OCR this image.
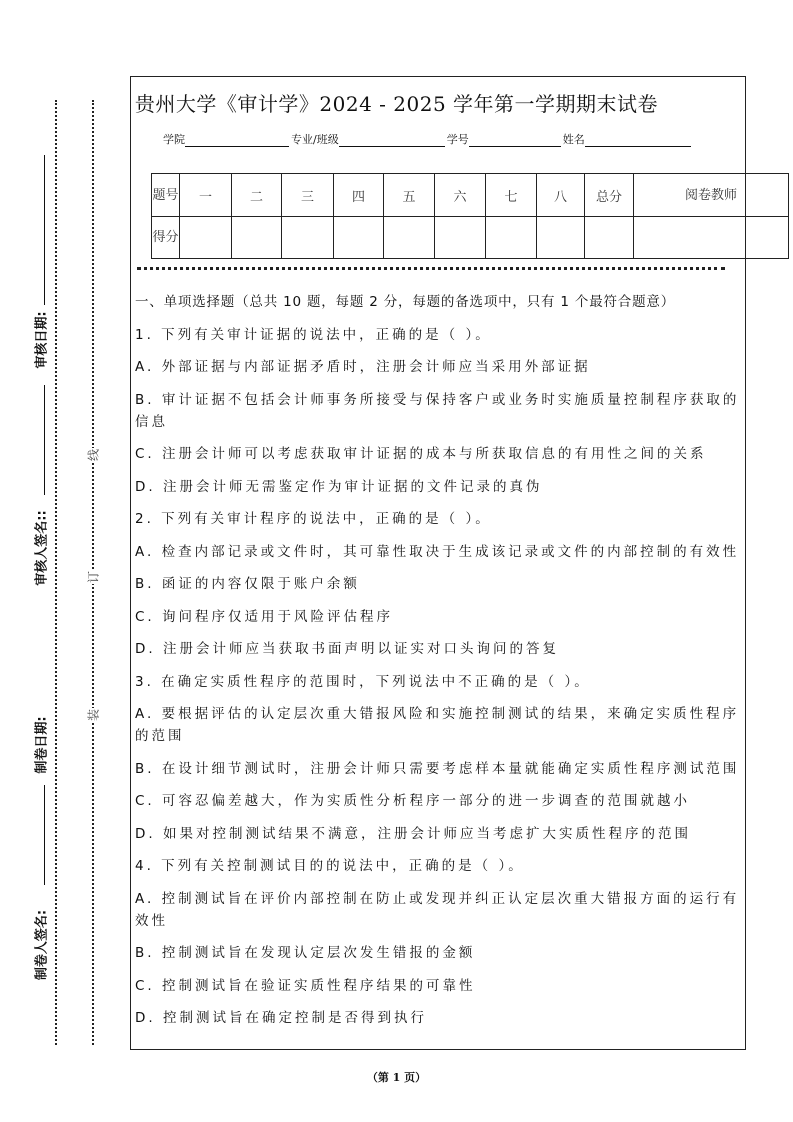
审核日期:
审核人签名::
制卷日期:
制卷人签名:
线
订
装
贵州大学《审计学》2024 - 2025 学年第一学期期末试卷
学院	专业/班级	学号	姓名
题号	一	二	三	四	五	六	七	八	总分	阅卷教师
得分										
一、单项选择题（总共 10 题，每题 2 分，每题的备选项中，只有 1 个最符合题意）
1. 下列有关审计证据的说法中，正确的是（ ）。
A. 外部证据与内部证据矛盾时，注册会计师应当采用外部证据
B. 审计证据不包括会计师事务所接受与保持客户或业务时实施质量控制程序获取的信息
C. 注册会计师可以考虑获取审计证据的成本与所获取信息的有用性之间的关系
D. 注册会计师无需鉴定作为审计证据的文件记录的真伪
2. 下列有关审计程序的说法中，正确的是（ ）。
A. 检查内部记录或文件时，其可靠性取决于生成该记录或文件的内部控制的有效性
B. 函证的内容仅限于账户余额
C. 询问程序仅适用于风险评估程序
D. 注册会计师应当获取书面声明以证实对口头询问的答复
3. 在确定实质性程序的范围时，下列说法中不正确的是（ ）。
A. 要根据评估的认定层次重大错报风险和实施控制测试的结果，来确定实质性程序的范围
B. 在设计细节测试时，注册会计师只需要考虑样本量就能确定实质性程序测试范围
C. 可容忍偏差越大，作为实质性分析程序一部分的进一步调查的范围就越小
D. 如果对控制测试结果不满意，注册会计师应当考虑扩大实质性程序的范围
4. 下列有关控制测试目的的说法中，正确的是（ ）。
A. 控制测试旨在评价内部控制在防止或发现并纠正认定层次重大错报方面的运行有效性
B. 控制测试旨在发现认定层次发生错报的金额
C. 控制测试旨在验证实质性程序结果的可靠性
D. 控制测试旨在确定控制是否得到执行
（第 1 页）
